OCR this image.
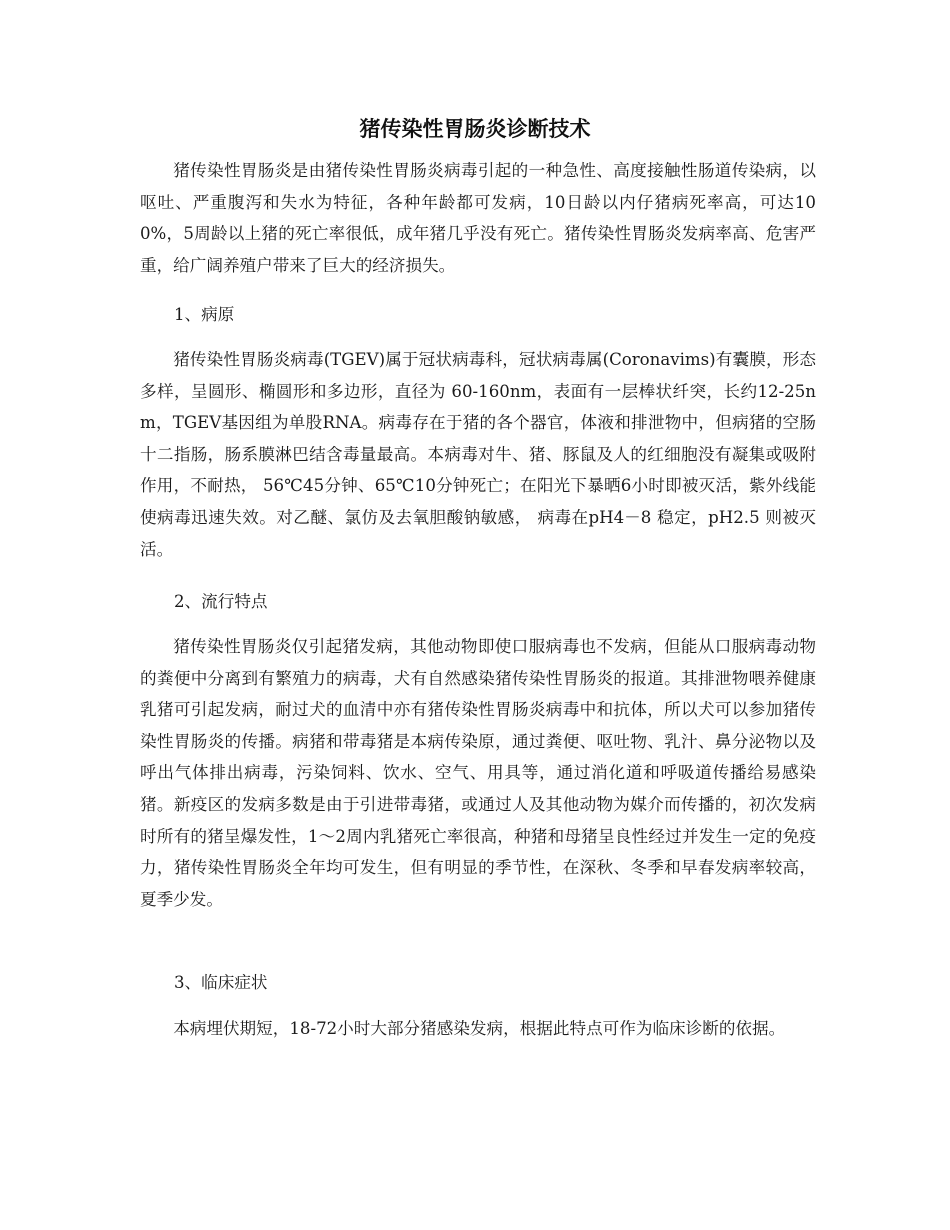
猪传染性胃肠炎诊断技术

猪传染性胃肠炎是由猪传染性胃肠炎病毒引起的一种急性、高度接触性肠道传染病，以呕吐、严重腹泻和失水为特征，各种年龄都可发病，10日龄以内仔猪病死率高，可达100%，5周龄以上猪的死亡率很低，成年猪几乎没有死亡。猪传染性胃肠炎发病率高、危害严重，给广阔养殖户带来了巨大的经济损失。

1、病原

猪传染性胃肠炎病毒(TGEV)属于冠状病毒科，冠状病毒属(Coronavims)有囊膜，形态多样，呈圆形、椭圆形和多边形，直径为 60-160nm，表面有一层棒状纤突，长约12-25nm，TGEV基因组为单股RNA。病毒存在于猪的各个器官，体液和排泄物中，但病猪的空肠十二指肠，肠系膜淋巴结含毒量最高。本病毒对牛、猪、豚鼠及人的红细胞没有凝集或吸附作用，不耐热， 56℃45分钟、65℃10分钟死亡；在阳光下暴晒6小时即被灭活，紫外线能使病毒迅速失效。对乙醚、氯仿及去氧胆酸钠敏感， 病毒在pH4－8 稳定，pH2.5 则被灭活。

2、流行特点

猪传染性胃肠炎仅引起猪发病，其他动物即使口服病毒也不发病，但能从口服病毒动物的粪便中分离到有繁殖力的病毒，犬有自然感染猪传染性胃肠炎的报道。其排泄物喂养健康乳猪可引起发病，耐过犬的血清中亦有猪传染性胃肠炎病毒中和抗体，所以犬可以参加猪传染性胃肠炎的传播。病猪和带毒猪是本病传染原，通过粪便、呕吐物、乳汁、鼻分泌物以及呼出气体排出病毒，污染饲料、饮水、空气、用具等，通过消化道和呼吸道传播给易感染猪。新疫区的发病多数是由于引进带毒猪，或通过人及其他动物为媒介而传播的，初次发病时所有的猪呈爆发性，1～2周内乳猪死亡率很高，种猪和母猪呈良性经过并发生一定的免疫力，猪传染性胃肠炎全年均可发生，但有明显的季节性，在深秋、冬季和早春发病率较高，夏季少发。

3、临床症状

本病埋伏期短，18-72小时大部分猪感染发病，根据此特点可作为临床诊断的依据。
